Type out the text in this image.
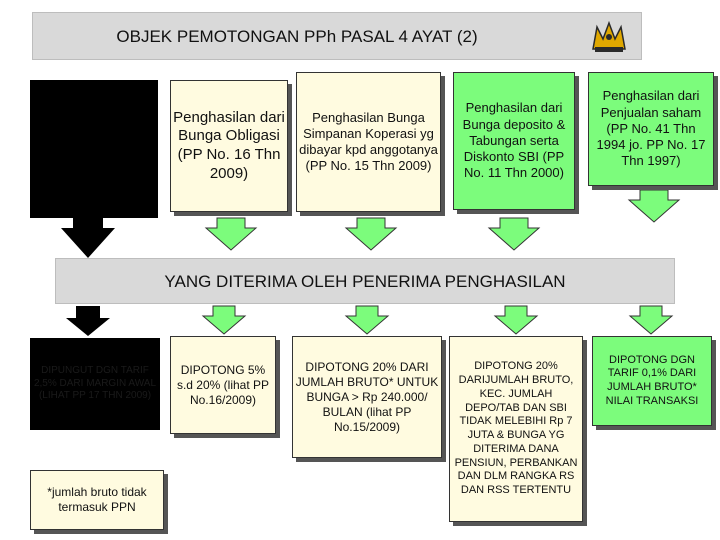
OBJEK PEMOTONGAN PPh PASAL 4 AYAT (2)
YANG DITERIMA OLEH PENERIMA PENGHASILAN
Penghasilan dari Bunga Obligasi (PP No. 16 Thn 2009)
Penghasilan Bunga Simpanan Koperasi yg dibayar kpd anggotanya (PP No. 15 Thn 2009)
Penghasilan dari Bunga deposito & Tabungan serta Diskonto SBI (PP No. 11 Thn 2000)
Penghasilan dari Penjualan saham (PP No. 41 Thn 1994 jo. PP No. 17 Thn 1997)
DIPUNGUT DGN TARIF 2,5% DARI MARGIN AWAL (LIHAT PP 17 THN 2009)
DIPOTONG 5% s.d 20% (lihat PP No.16/2009)
DIPOTONG 20% DARI JUMLAH BRUTO* UNTUK BUNGA > Rp 240.000/ BULAN (lihat PP No.15/2009)
DIPOTONG 20% DARIJUMLAH BRUTO, KEC. JUMLAH DEPO/TAB DAN SBI TIDAK MELEBIHI Rp 7 JUTA & BUNGA YG DITERIMA DANA PENSIUN, PERBANKAN DAN DLM RANGKA RS DAN RSS TERTENTU
DIPOTONG DGN TARIF 0,1% DARI JUMLAH BRUTO* NILAI TRANSAKSI
*jumlah bruto tidak termasuk PPN
